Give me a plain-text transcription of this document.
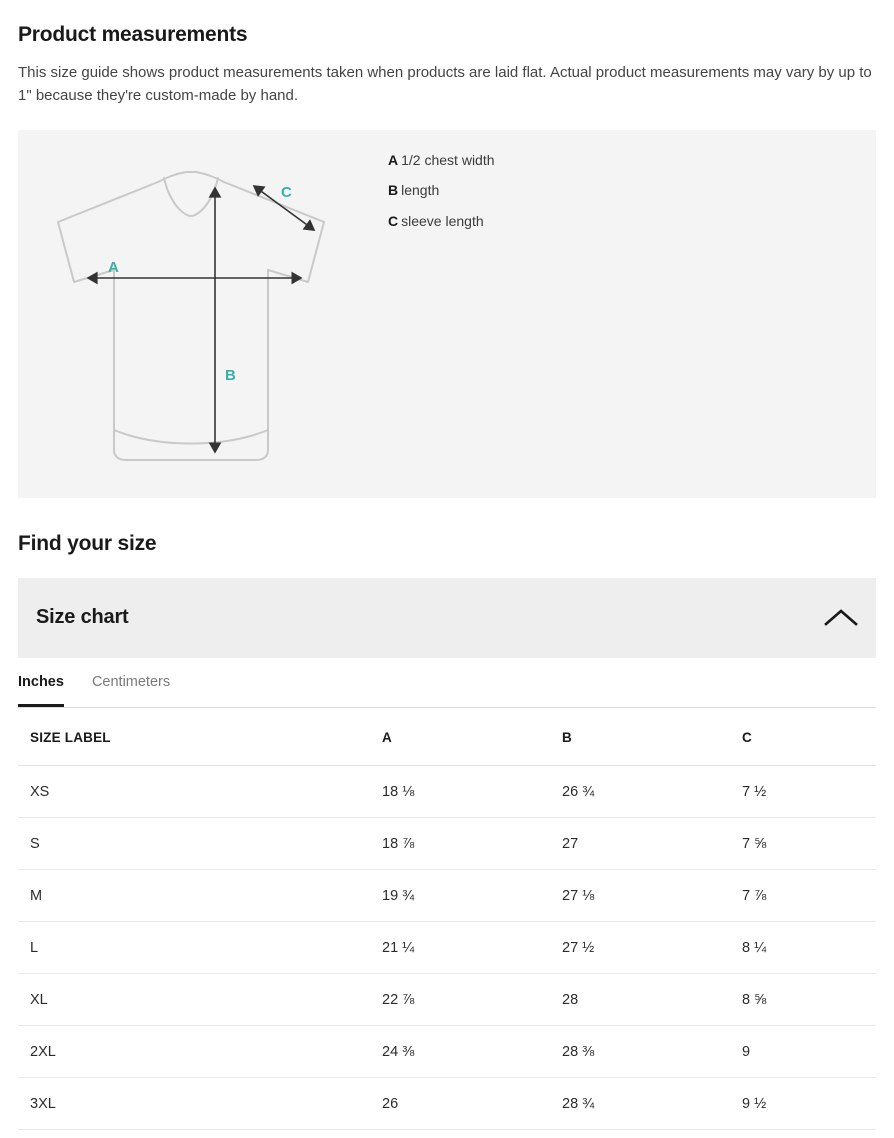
Product measurements

This size guide shows product measurements taken when products are laid flat. Actual product measurements may vary by up to 1" because they're custom-made by hand.

A
B
C
A 1/2 chest width
B length
C sleeve length
Find your size
Size chart
Inches Centimeters
SIZE LABEL	A	B	C
XS	18 ⅛	26 ¾	7 ½
S	18 ⅞	27	7 ⅝
M	19 ¾	27 ⅛	7 ⅞
L	21 ¼	27 ½	8 ¼
XL	22 ⅞	28	8 ⅝
2XL	24 ⅜	28 ⅜	9
3XL	26	28 ¾	9 ½
